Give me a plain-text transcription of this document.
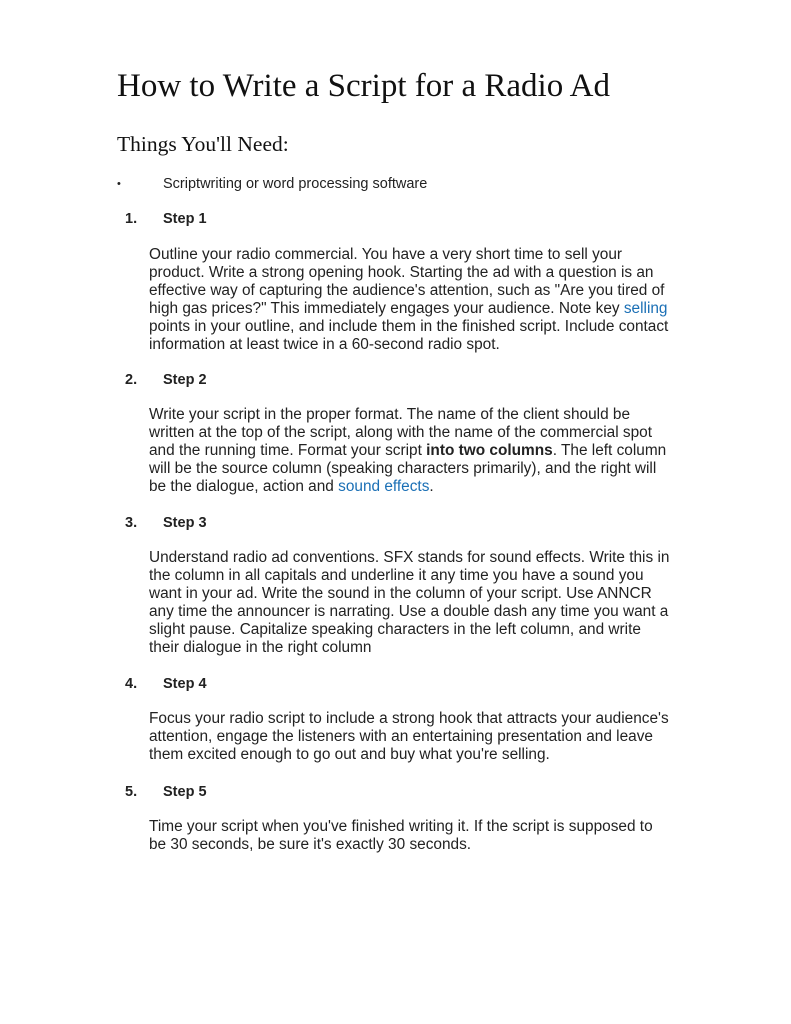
How to Write a Script for a Radio Ad
Things You'll Need:
•	Scriptwriting or word processing software
1. Step 1
Outline your radio commercial. You have a very short time to sell your
product. Write a strong opening hook. Starting the ad with a question is an
effective way of capturing the audience's attention, such as "Are you tired of
high gas prices?" This immediately engages your audience. Note key selling
points in your outline, and include them in the finished script. Include contact
information at least twice in a 60-second radio spot.
2. Step 2
Write your script in the proper format. The name of the client should be
written at the top of the script, along with the name of the commercial spot
and the running time. Format your script into two columns. The left column
will be the source column (speaking characters primarily), and the right will
be the dialogue, action and sound effects.
3. Step 3
Understand radio ad conventions. SFX stands for sound effects. Write this in
the column in all capitals and underline it any time you have a sound you
want in your ad. Write the sound in the column of your script. Use ANNCR
any time the announcer is narrating. Use a double dash any time you want a
slight pause. Capitalize speaking characters in the left column, and write
their dialogue in the right column
4. Step 4
Focus your radio script to include a strong hook that attracts your audience's
attention, engage the listeners with an entertaining presentation and leave
them excited enough to go out and buy what you're selling.
5. Step 5
Time your script when you've finished writing it. If the script is supposed to
be 30 seconds, be sure it's exactly 30 seconds.
